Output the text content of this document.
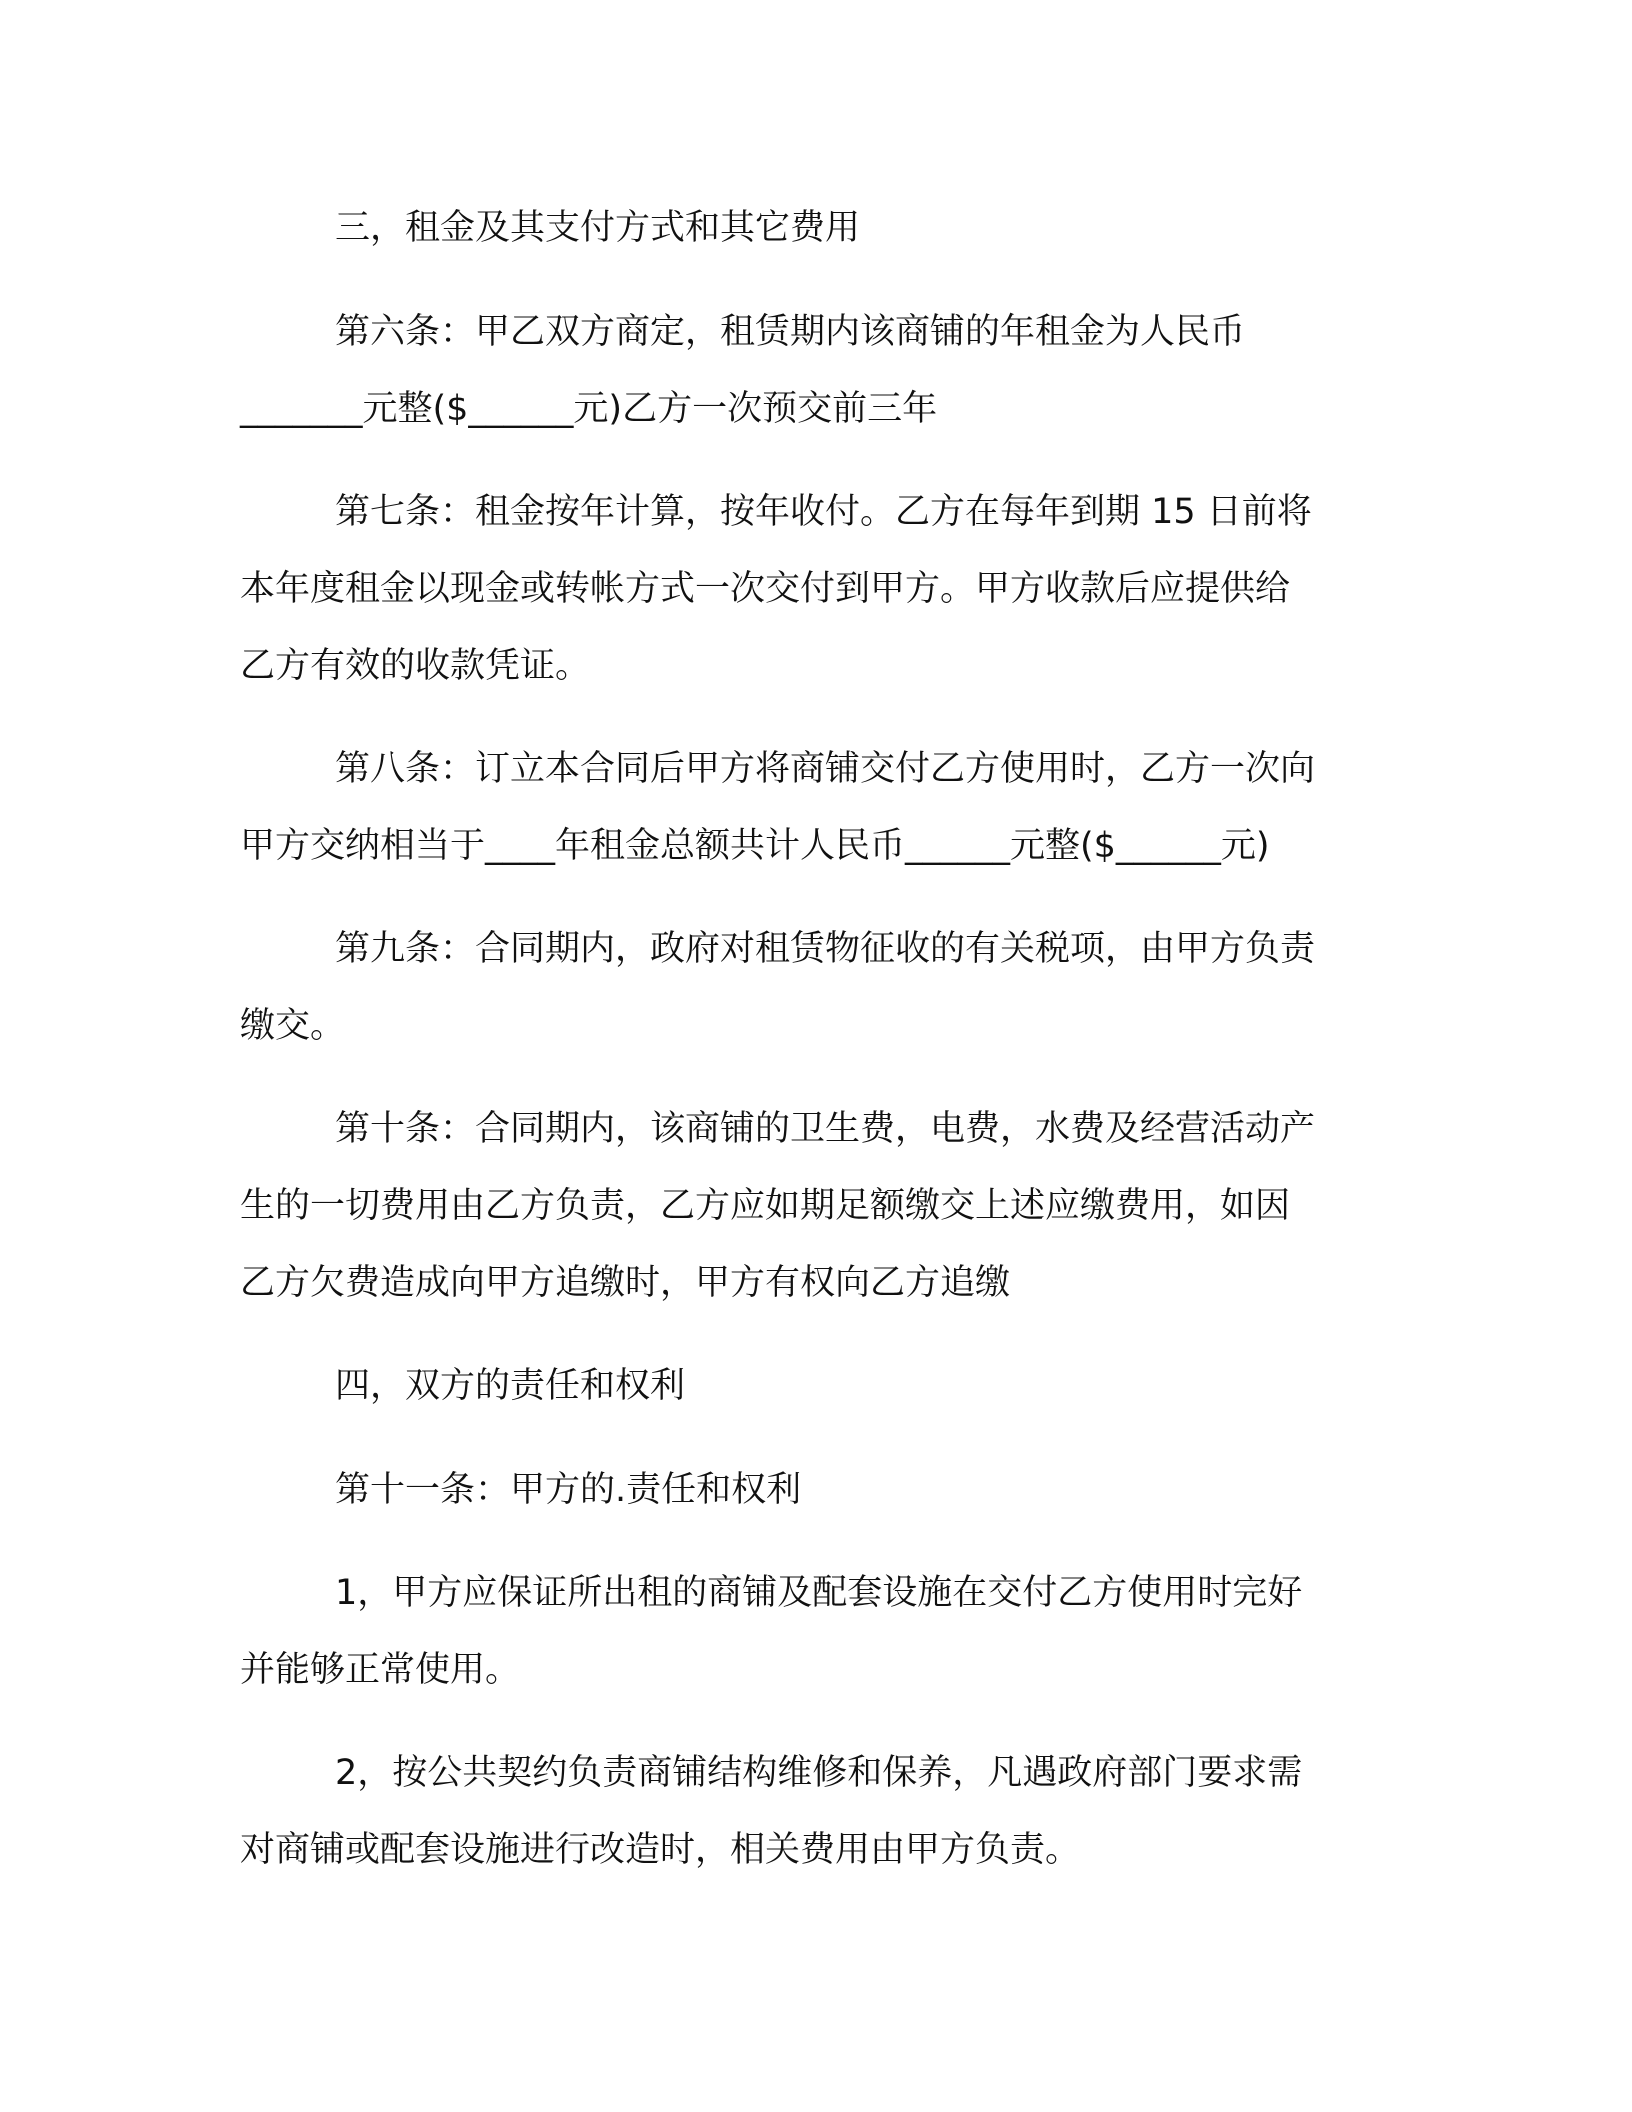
三，租金及其支付方式和其它费用

第六条：甲乙双方商定，租赁期内该商铺的年租金为人民币
_______元整($______元)乙方一次预交前三年

第七条：租金按年计算，按年收付。乙方在每年到期 15 日前将
本年度租金以现金或转帐方式一次交付到甲方。甲方收款后应提供给
乙方有效的收款凭证。

第八条：订立本合同后甲方将商铺交付乙方使用时，乙方一次向
甲方交纳相当于____年租金总额共计人民币______元整($______元)

第九条：合同期内，政府对租赁物征收的有关税项，由甲方负责
缴交。

第十条：合同期内，该商铺的卫生费，电费，水费及经营活动产
生的一切费用由乙方负责，乙方应如期足额缴交上述应缴费用，如因
乙方欠费造成向甲方追缴时，甲方有权向乙方追缴

四，双方的责任和权利

第十一条：甲方的.责任和权利

1，甲方应保证所出租的商铺及配套设施在交付乙方使用时完好
并能够正常使用。

2，按公共契约负责商铺结构维修和保养，凡遇政府部门要求需
对商铺或配套设施进行改造时，相关费用由甲方负责。
